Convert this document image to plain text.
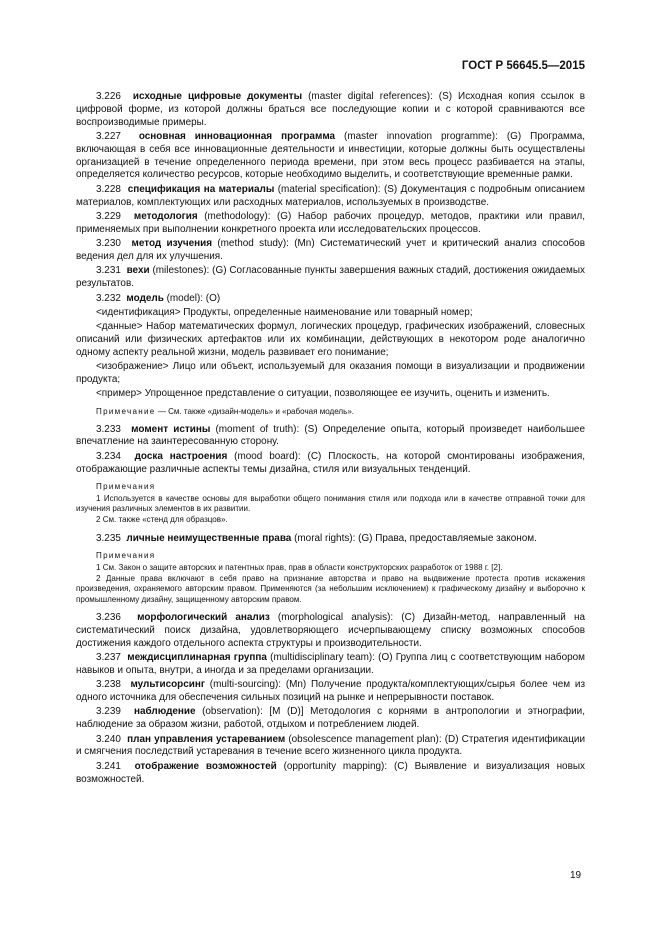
ГОСТ Р 56645.5—2015

3.226 исходные цифровые документы (master digital references): (S) Исходная копия ссылок в цифровой форме, из которой должны браться все последующие копии и с которой сравниваются все воспроизводимые примеры.

3.227 основная инновационная программа (master innovation programme): (G) Программа, включающая в себя все инновационные деятельности и инвестиции, которые должны быть осуществлены организацией в течение определенного периода времени, при этом весь процесс разбивается на этапы, определяется количество ресурсов, которые необходимо выделить, и соответствующие временные рамки.

3.228 спецификация на материалы (material specification): (S) Документация с подробным описанием материалов, комплектующих или расходных материалов, используемых в производстве.

3.229 методология (methodology): (G) Набор рабочих процедур, методов, практики или правил, применяемых при выполнении конкретного проекта или исследовательских процессов.

3.230 метод изучения (method study): (Mn) Систематический учет и критический анализ способов ведения дел для их улучшения.

3.231 вехи (milestones): (G) Согласованные пункты завершения важных стадий, достижения ожидаемых результатов.

3.232 модель (model): (O)

<идентификация> Продукты, определенные наименование или товарный номер;

<данные> Набор математических формул, логических процедур, графических изображений, словесных описаний или физических артефактов или их комбинации, действующих в некотором роде аналогично одному аспекту реальной жизни, модель развивает его понимание;

<изображение> Лицо или объект, используемый для оказания помощи в визуализации и продвижении продукта;

<пример> Упрощенное представление о ситуации, позволяющее ее изучить, оценить и изменить.

Примечание — См. также «дизайн-модель» и «рабочая модель».

3.233 момент истины (moment of truth): (S) Определение опыта, который произведет наибольшее впечатление на заинтересованную сторону.

3.234 доска настроения (mood board): (C) Плоскость, на которой смонтированы изображения, отображающие различные аспекты темы дизайна, стиля или визуальных тенденций.

Примечания

1 Используется в качестве основы для выработки общего понимания стиля или подхода или в качестве отправной точки для изучения различных элементов в их развитии.

2 См. также «стенд для образцов».

3.235 личные неимущественные права (moral rights): (G) Права, предоставляемые законом.

Примечания

1 См. Закон о защите авторских и патентных прав, прав в области конструкторских разработок от 1988 г. [2].

2 Данные права включают в себя право на признание авторства и право на выдвижение протеста против искажения произведения, охраняемого авторским правом. Применяются (за небольшим исключением) к графическому дизайну и выборочно к промышленному дизайну, защищенному авторским правом.

3.236 морфологический анализ (morphological analysis): (C) Дизайн-метод, направленный на систематический поиск дизайна, удовлетворяющего исчерпывающему списку возможных способов достижения каждого отдельного аспекта структуры и производительности.

3.237 междисциплинарная группа (multidisciplinary team): (O) Группа лиц с соответствующим набором навыков и опыта, внутри, а иногда и за пределами организации.

3.238 мультисорсинг (multi-sourcing): (Mn) Получение продукта/комплектующих/сырья более чем из одного источника для обеспечения сильных позиций на рынке и непрерывности поставок.

3.239 наблюдение (observation): [M (D)] Методология с корнями в антропологии и этнографии, наблюдение за образом жизни, работой, отдыхом и потреблением людей.

3.240 план управления устареванием (obsolescence management plan): (D) Стратегия идентификации и смягчения последствий устаревания в течение всего жизненного цикла продукта.

3.241 отображение возможностей (opportunity mapping): (C) Выявление и визуализация новых возможностей.

19
